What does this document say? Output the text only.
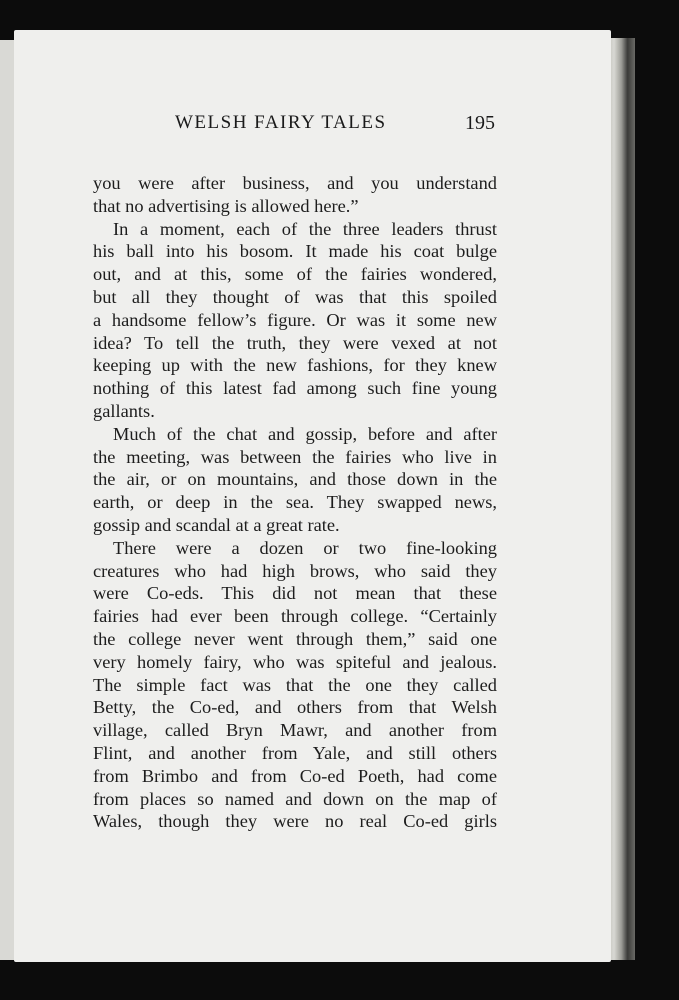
WELSH FAIRY TALES	195
you were after business, and you understand
that no advertising is allowed here.”
In a moment, each of the three leaders thrust
his ball into his bosom. It made his coat bulge
out, and at this, some of the fairies wondered,
but all they thought of was that this spoiled
a handsome fellow’s figure. Or was it some new
idea? To tell the truth, they were vexed at not
keeping up with the new fashions, for they knew
nothing of this latest fad among such fine young
gallants.
Much of the chat and gossip, before and after
the meeting, was between the fairies who live in
the air, or on mountains, and those down in the
earth, or deep in the sea. They swapped news,
gossip and scandal at a great rate.
There were a dozen or two fine-looking
creatures who had high brows, who said they
were Co-eds. This did not mean that these
fairies had ever been through college. “Certainly
the college never went through them,” said one
very homely fairy, who was spiteful and jealous.
The simple fact was that the one they called
Betty, the Co-ed, and others from that Welsh
village, called Bryn Mawr, and another from
Flint, and another from Yale, and still others
from Brimbo and from Co-ed Poeth, had come
from places so named and down on the map of
Wales, though they were no real Co-ed girls
